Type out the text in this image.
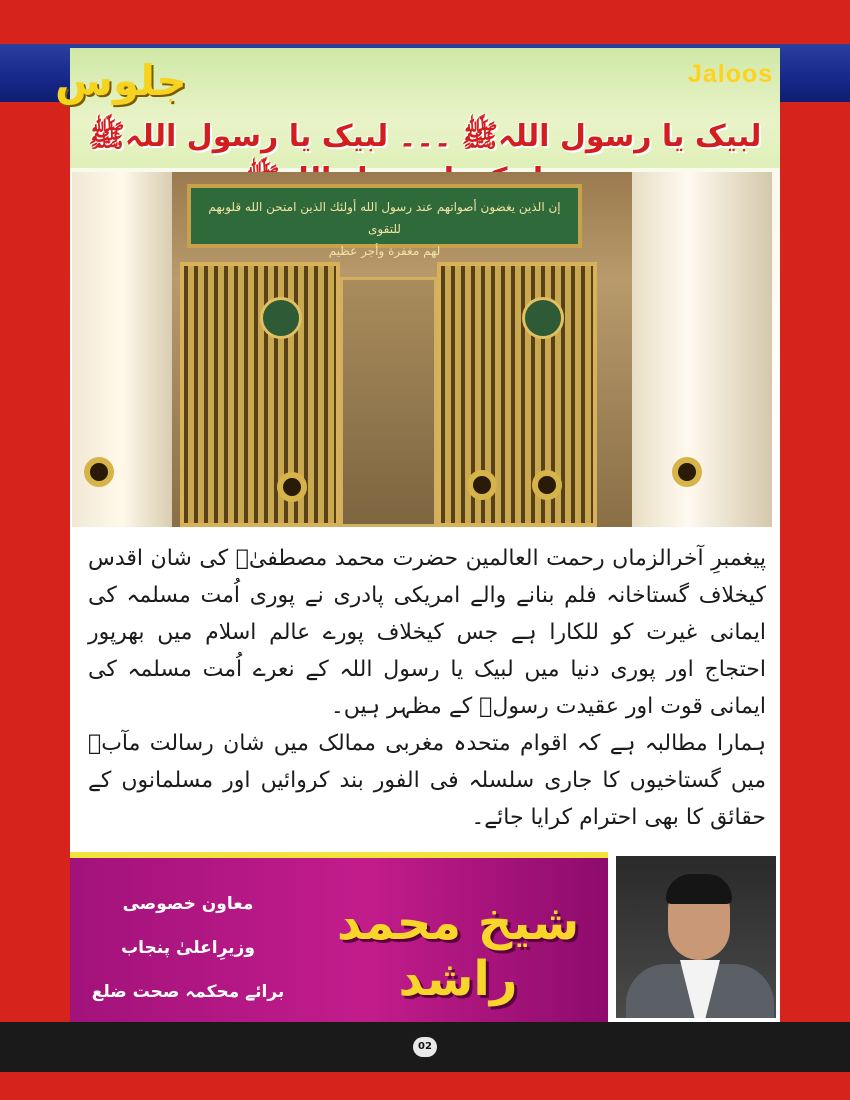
Jaloos
جلوس
لبیک یا رسول اللہﷺ ۔۔۔ لبیک یا رسول اللہﷺ
إن الذين يغضون أصواتهم عند رسول الله أولئك الذين امتحن الله قلوبهم للتقوى
لهم مغفرة وأجر عظيم

پیغمبرِ آخرالزماں رحمت العالمین حضرت محمد مصطفیٰؐ کی شان اقدس کیخلاف گستاخانہ فلم بنانے والے امریکی پادری نے پوری اُمت مسلمہ کی ایمانی غیرت کو للکارا ہے جس کیخلاف پورے عالم اسلام میں بھرپور احتجاج اور پوری دنیا میں لبیک یا رسول اللہ کے نعرے اُمت مسلمہ کی ایمانی قوت اور عقیدت رسولؐ کے مظہر ہیں۔

ہمارا مطالبہ ہے کہ اقوام متحدہ مغربی ممالک میں شان رسالت مآبؐ میں گستاخیوں کا جاری سلسلہ فی الفور بند کروائیں اور مسلمانوں کے حقائق کا بھی احترام کرایا جائے۔

معاون خصوصی وزیرِاعلیٰ پنجاب
برائے محکمہ صحت ضلع
شیخ محمد راشد
02
